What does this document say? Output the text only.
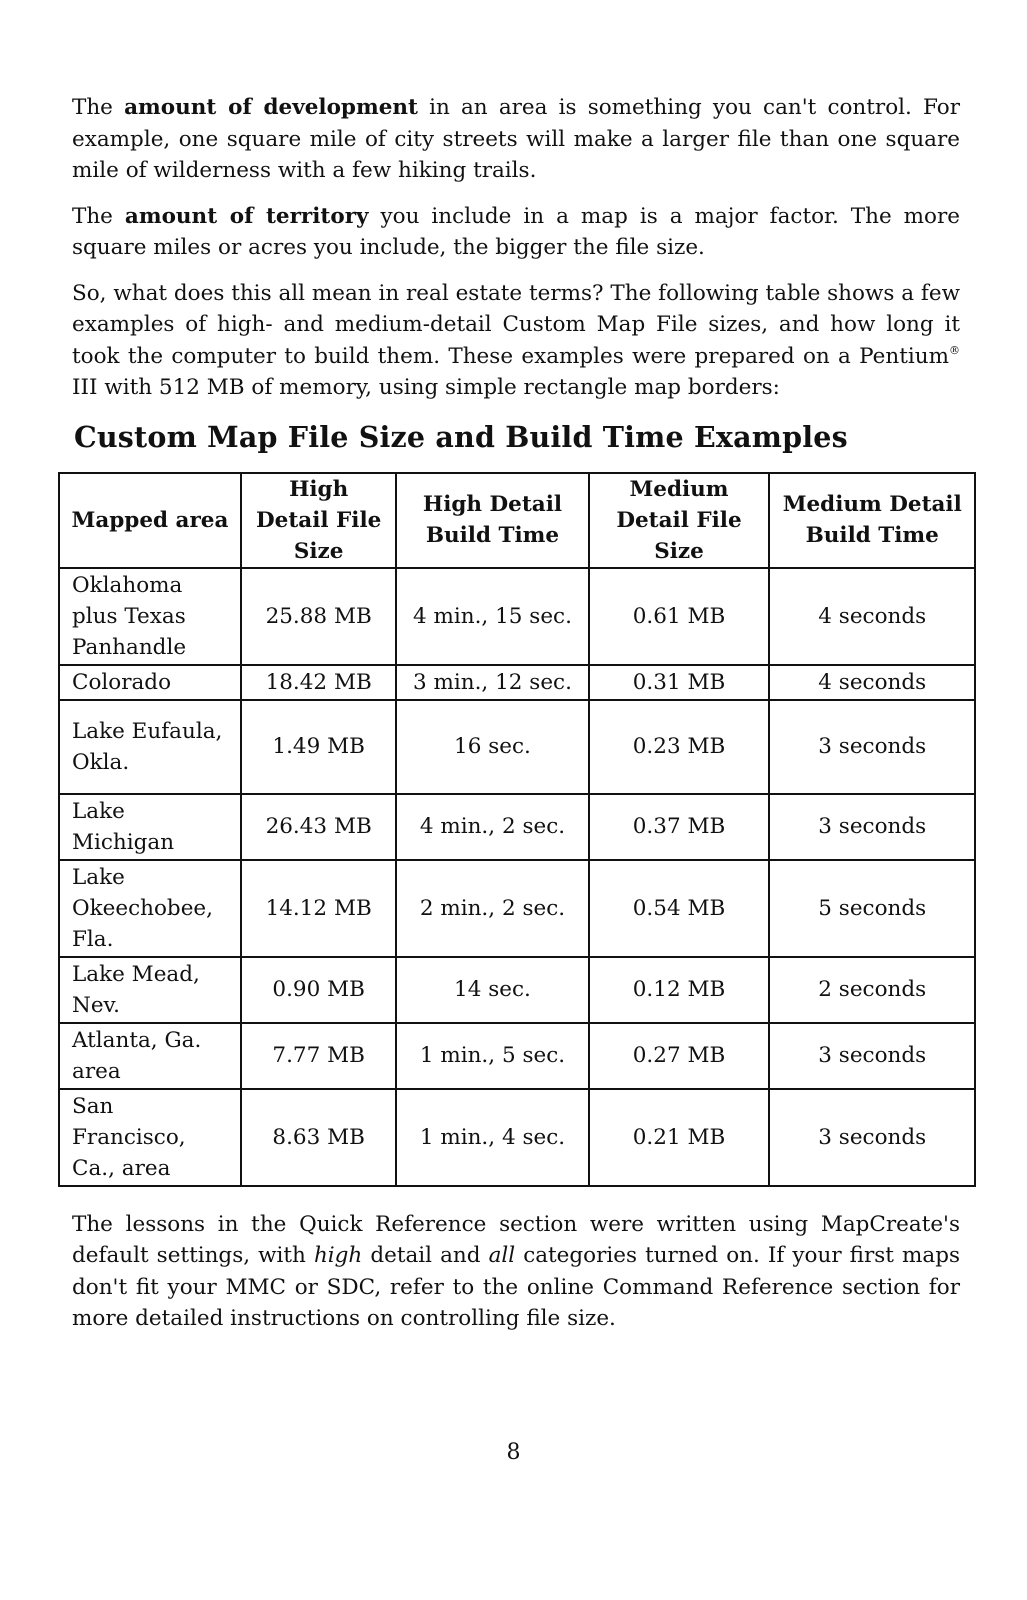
The amount of development in an area is something you can't control. For example, one square mile of city streets will make a larger file than one square mile of wilderness with a few hiking trails.

The amount of territory you include in a map is a major factor. The more square miles or acres you include, the bigger the file size.

So, what does this all mean in real estate terms? The following table shows a few examples of high- and medium-detail Custom Map File sizes, and how long it took the computer to build them. These examples were prepared on a Pentium® III with 512 MB of memory, using simple rectangle map borders:

Custom Map File Size and Build Time Examples
Mapped area	High Detail File Size	High Detail Build Time	Medium Detail File Size	Medium Detail Build Time
Oklahoma plus Texas Panhandle	25.88 MB	4 min., 15 sec.	0.61 MB	4 seconds
Colorado	18.42 MB	3 min., 12 sec.	0.31 MB	4 seconds
Lake Eufaula, Okla.	1.49 MB	16 sec.	0.23 MB	3 seconds
Lake Michigan	26.43 MB	4 min., 2 sec.	0.37 MB	3 seconds
Lake Okeechobee, Fla.	14.12 MB	2 min., 2 sec.	0.54 MB	5 seconds
Lake Mead, Nev.	0.90 MB	14 sec.	0.12 MB	2 seconds
Atlanta, Ga. area	7.77 MB	1 min., 5 sec.	0.27 MB	3 seconds
San Francisco, Ca., area	8.63 MB	1 min., 4 sec.	0.21 MB	3 seconds

The lessons in the Quick Reference section were written using MapCreate's default settings, with high detail and all categories turned on. If your first maps don't fit your MMC or SDC, refer to the online Command Reference section for more detailed instructions on controlling file size.

8
